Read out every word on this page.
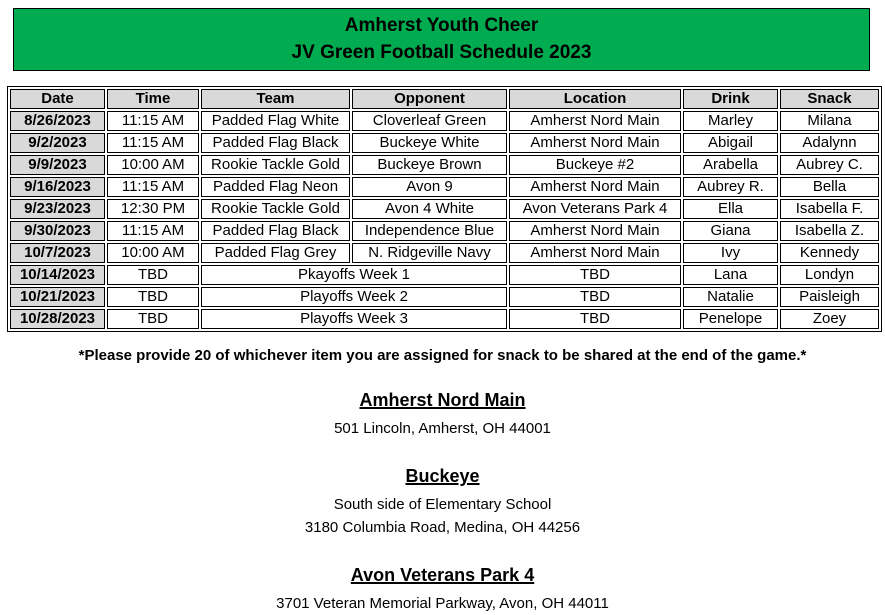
Amherst Youth Cheer
JV Green Football Schedule 2023
Date	Time	Team	Opponent	Location	Drink	Snack
8/26/2023	11:15 AM	Padded Flag White	Cloverleaf Green	Amherst Nord Main	Marley	Milana
9/2/2023	11:15 AM	Padded Flag Black	Buckeye White	Amherst Nord Main	Abigail	Adalynn
9/9/2023	10:00 AM	Rookie Tackle Gold	Buckeye Brown	Buckeye #2	Arabella	Aubrey C.
9/16/2023	11:15 AM	Padded Flag Neon	Avon 9	Amherst Nord Main	Aubrey R.	Bella
9/23/2023	12:30 PM	Rookie Tackle Gold	Avon 4 White	Avon Veterans Park 4	Ella	Isabella F.
9/30/2023	11:15 AM	Padded Flag Black	Independence Blue	Amherst Nord Main	Giana	Isabella Z.
10/7/2023	10:00 AM	Padded Flag Grey	N. Ridgeville Navy	Amherst Nord Main	Ivy	Kennedy
10/14/2023	TBD	Pkayoffs Week 1		TBD	Lana	Londyn
10/21/2023	TBD	Playoffs Week 2		TBD	Natalie	Paisleigh
10/28/2023	TBD	Playoffs Week 3		TBD	Penelope	Zoey

*Please provide 20 of whichever item you are assigned for snack to be shared at the end of the game.*

Amherst Nord Main

501 Lincoln, Amherst, OH 44001

Buckeye

South side of Elementary School

3180 Columbia Road, Medina, OH 44256

Avon Veterans Park 4

3701 Veteran Memorial Parkway, Avon, OH 44011
